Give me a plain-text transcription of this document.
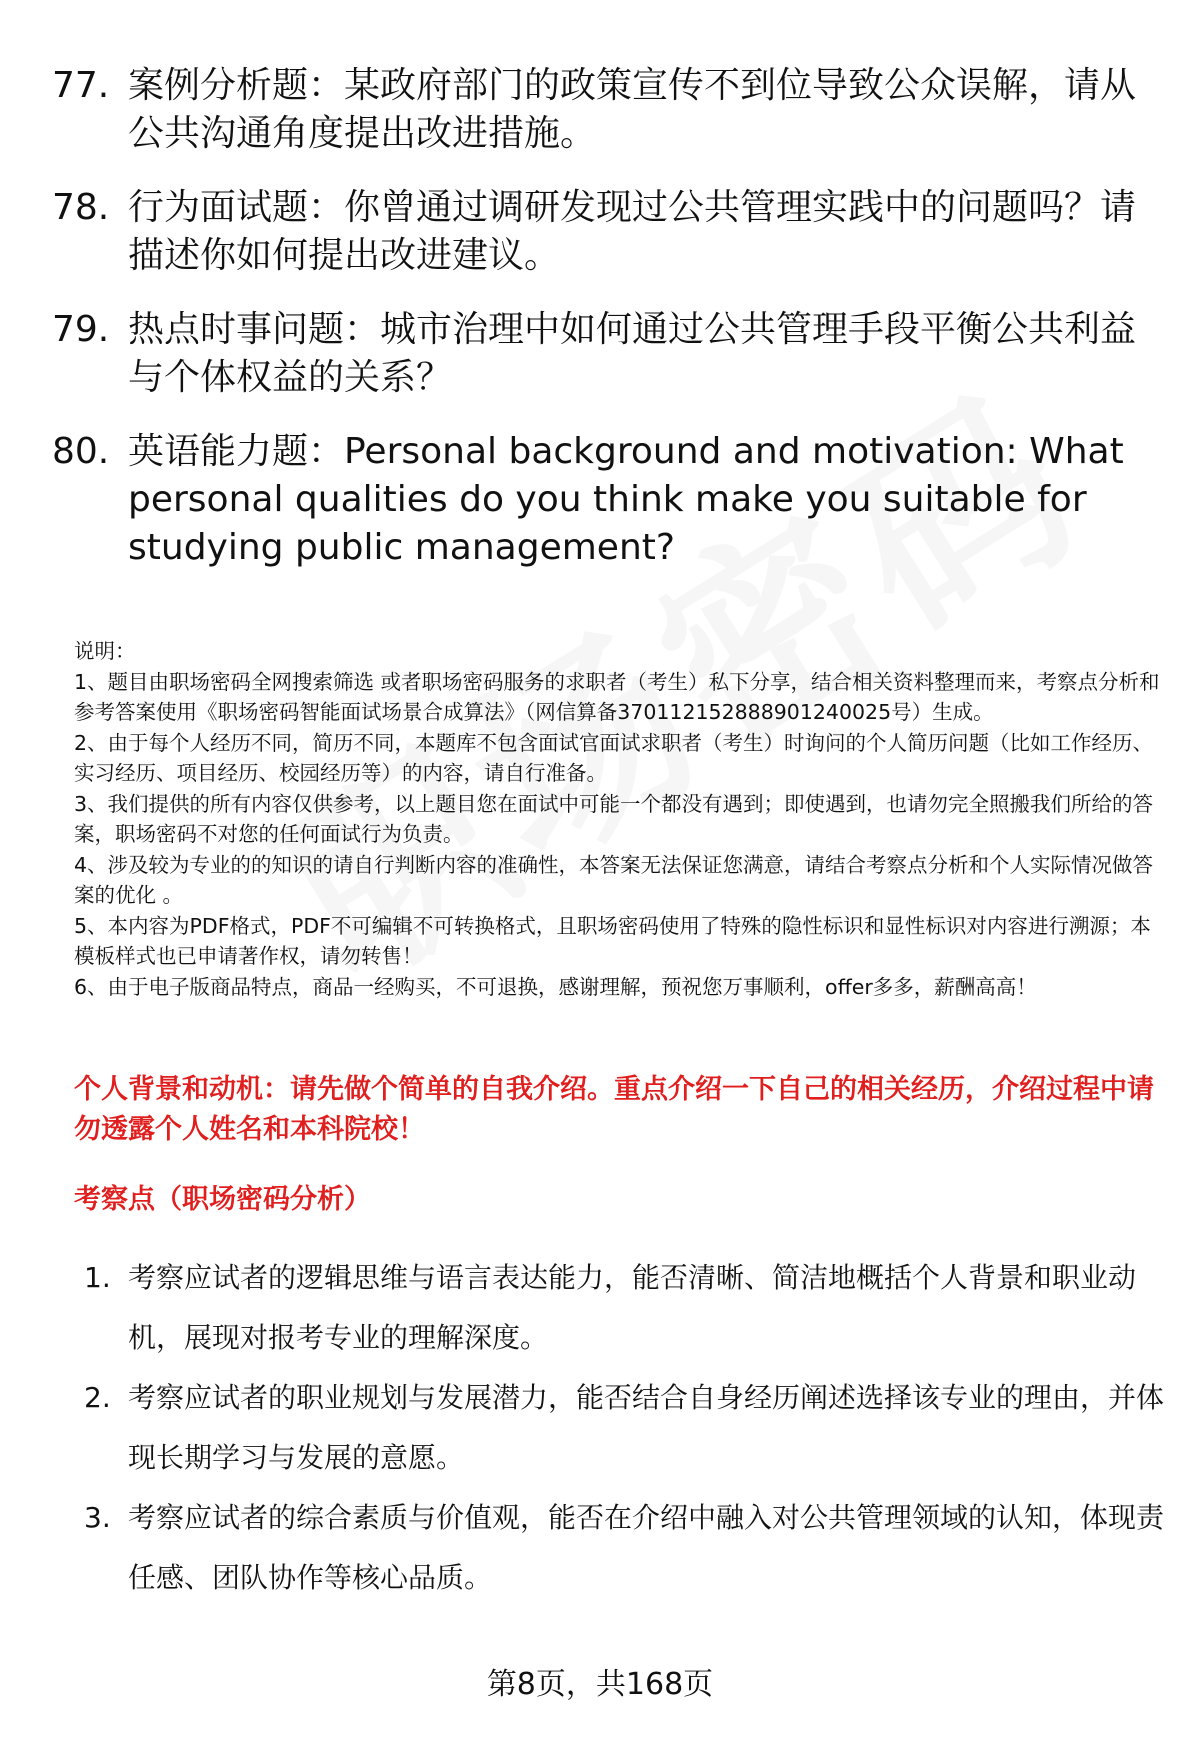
77. 案例分析题：某政府部门的政策宣传不到位导致公众误解，请从公共沟通角度提出改进措施。
78. 行为面试题：你曾通过调研发现过公共管理实践中的问题吗？请描述你如何提出改进建议。
79. 热点时事问题：城市治理中如何通过公共管理手段平衡公共利益与个体权益的关系？
80. 英语能力题：Personal background and motivation: What personal qualities do you think make you suitable for studying public management?

说明：

1、题目由职场密码全网搜索筛选 或者职场密码服务的求职者（考生）私下分享，结合相关资料整理而来，考察点分析和参考答案使用《职场密码智能面试场景合成算法》（网信算备370112152888901240025号）生成。

2、由于每个人经历不同，简历不同，本题库不包含面试官面试求职者（考生）时询问的个人简历问题（比如工作经历、实习经历、项目经历、校园经历等）的内容，请自行准备。

3、我们提供的所有内容仅供参考，以上题目您在面试中可能一个都没有遇到；即使遇到，也请勿完全照搬我们所给的答案，职场密码不对您的任何面试行为负责。

4、涉及较为专业的的知识的请自行判断内容的准确性，本答案无法保证您满意，请结合考察点分析和个人实际情况做答案的优化 。

5、本内容为PDF格式，PDF不可编辑不可转换格式，且职场密码使用了特殊的隐性标识和显性标识对内容进行溯源；本模板样式也已申请著作权，请勿转售！

6、由于电子版商品特点，商品一经购买，不可退换，感谢理解，预祝您万事顺利，offer多多，薪酬高高！

个人背景和动机：请先做个简单的自我介绍。重点介绍一下自己的相关经历，介绍过程中请勿透露个人姓名和本科院校！
考察点（职场密码分析）
1. 考察应试者的逻辑思维与语言表达能力，能否清晰、简洁地概括个人背景和职业动机，展现对报考专业的理解深度。
2. 考察应试者的职业规划与发展潜力，能否结合自身经历阐述选择该专业的理由，并体现长期学习与发展的意愿。
3. 考察应试者的综合素质与价值观，能否在介绍中融入对公共管理领域的认知，体现责任感、团队协作等核心品质。
第8页，共168页
